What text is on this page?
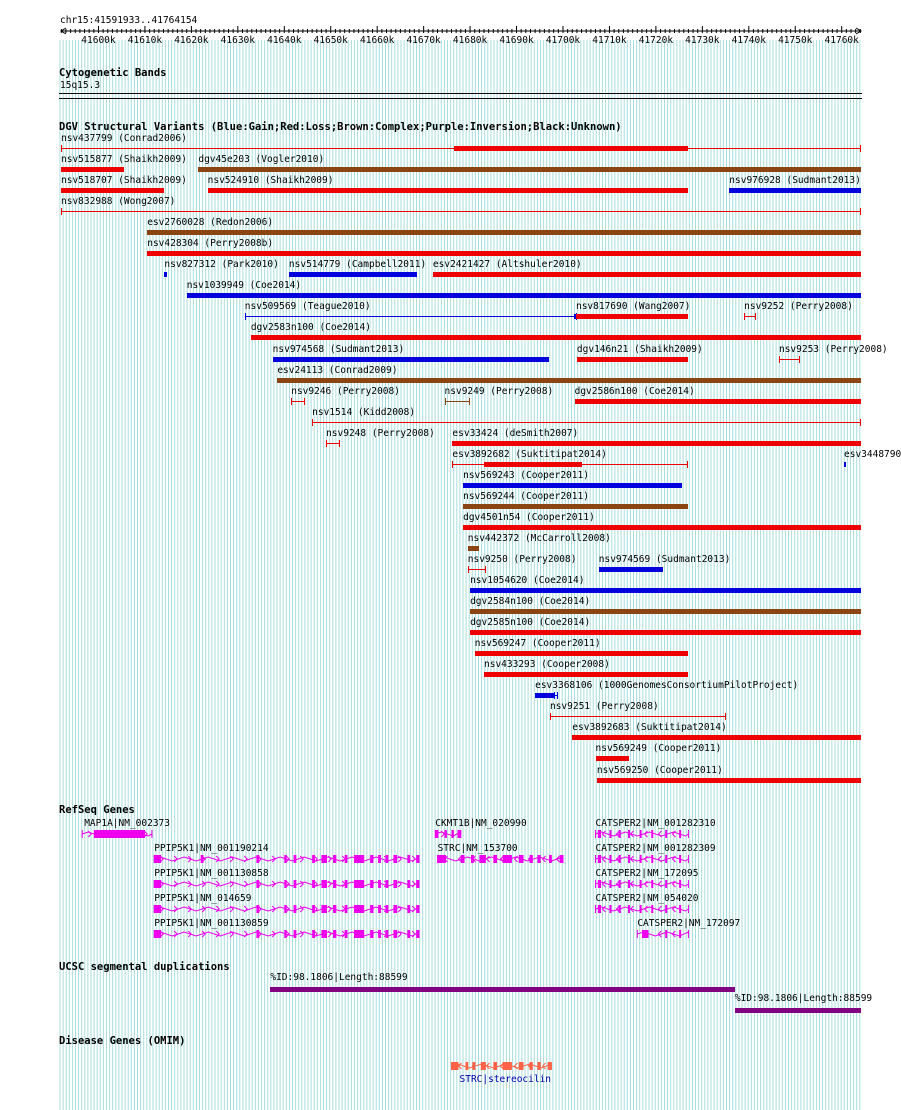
chr15:41591933..41764154
Cytogenetic Bands
15q15.3
DGV Structural Variants (Blue:Gain;Red:Loss;Brown:Complex;Purple:Inversion;Black:Unknown)
nsv437799 (Conrad2006)
nsv515877 (Shaikh2009) dgv45e203 (Vogler2010)
nsv518707 (Shaikh2009) nsv524910 (Shaikh2009)	nsv976928 (Sudmant2013)
nsv832988 (Wong2007)
esv2760028 (Redon2006)
nsv428304 (Perry2008b)
nsv827312 (Park2010) nsv514779 (Campbell2011) esv2421427 (Altshuler2010)
nsv1039949 (Coe2014)
nsv509569 (Teague2010)	nsv817690 (Wang2007)	nsv9252 (Perry2008)
dgv2583n100 (Coe2014)
nsv974568 (Sudmant2013)	dgv146n21 (Shaikh2009)	nsv9253 (Perry2008)
esv24113 (Conrad2009)
nsv9246 (Perry2008)	nsv9249 (Perry2008) dgv2586n100 (Coe2014)
nsv1514 (Kidd2008)
nsv9248 (Perry2008) esv33424 (deSmith2007)
esv3892682 (Suktitipat2014)	esv3448790
nsv569243 (Cooper2011)
nsv569244 (Cooper2011)
dgv4501n54 (Cooper2011)
nsv442372 (McCarroll2008)
nsv9250 (Perry2008) nsv974569 (Sudmant2013)
nsv1054620 (Coe2014)
dgv2584n100 (Coe2014)
dgv2585n100 (Coe2014)
nsv569247 (Cooper2011)
nsv433293 (Cooper2008)
esv3368106 (1000GenomesConsortiumPilotProject)
nsv9251 (Perry2008)
esv3892683 (Suktitipat2014)
nsv569249 (Cooper2011)
nsv569250 (Cooper2011)
RefSeq Genes
MAP1A|NM_002373	CKMT1B|NM_020990	CATSPER2|NM_001282310
PPIP5K1|NM_001190214	STRC|NM_153700	CATSPER2|NM_001282309
PPIP5K1|NM_001130858	CATSPER2|NM_172095
PPIP5K1|NM_014659	CATSPER2|NM_054020
PPIP5K1|NM_001130859	CATSPER2|NM_172097
UCSC segmental duplications
%ID:98.1806|Length:88599
%ID:98.1806|Length:88599
Disease Genes (OMIM)
STRC|stereocilin
41600k 41610k 41620k 41630k 41640k 41650k 41660k 41670k 41680k 41690k 41700k 41710k 41720k 41730k 41740k 41750k 41760k
